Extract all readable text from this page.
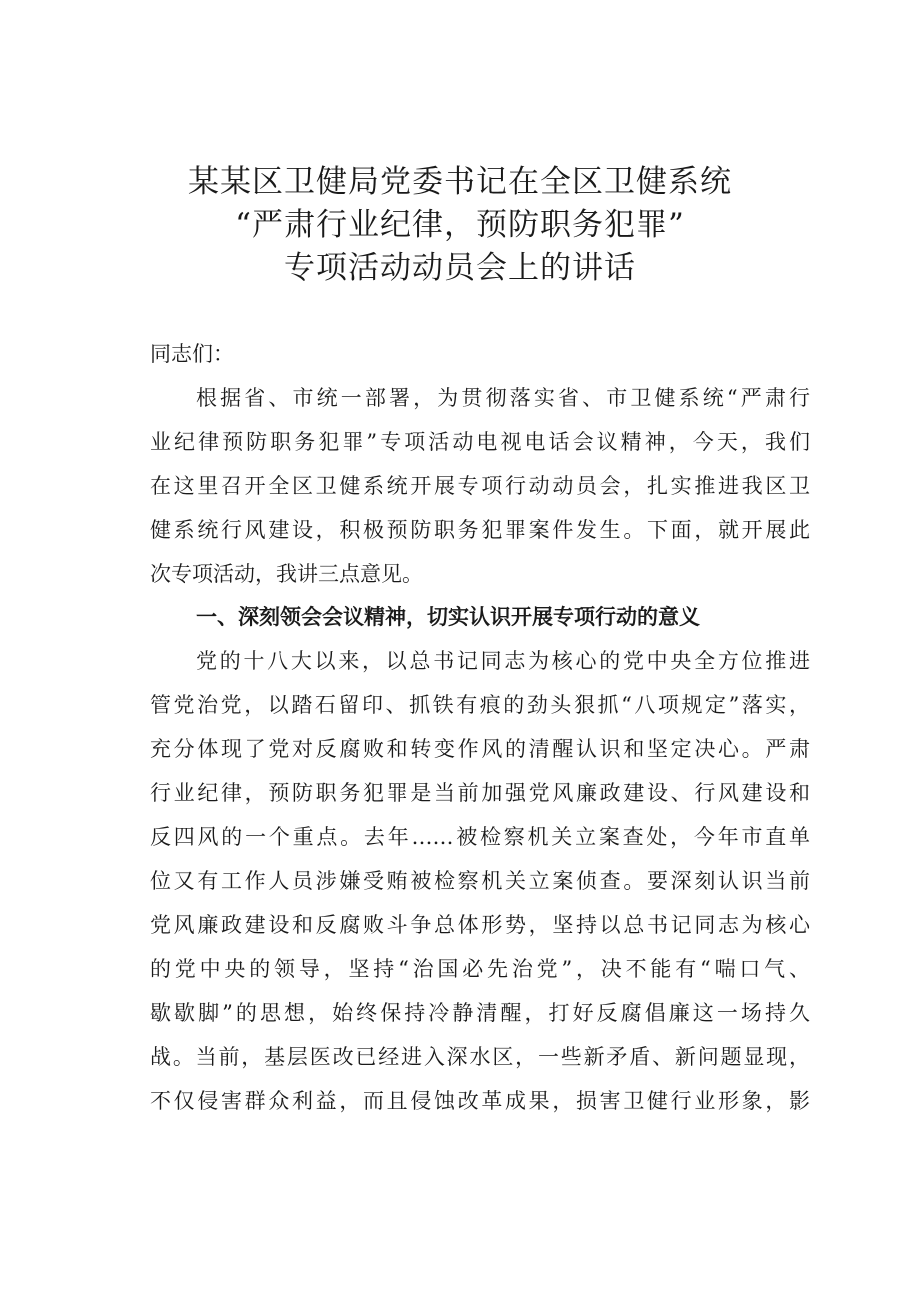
某某区卫健局党委书记在全区卫健系统
“严肃行业纪律，预防职务犯罪”
专项活动动员会上的讲话
同志们：
根据省、市统一部署，为贯彻落实省、市卫健系统“严肃行
业纪律预防职务犯罪”专项活动电视电话会议精神，今天，我们
在这里召开全区卫健系统开展专项行动动员会，扎实推进我区卫
健系统行风建设，积极预防职务犯罪案件发生。下面，就开展此
次专项活动，我讲三点意见。
一、深刻领会会议精神，切实认识开展专项行动的意义
党的十八大以来，以总书记同志为核心的党中央全方位推进
管党治党，以踏石留印、抓铁有痕的劲头狠抓“八项规定”落实，
充分体现了党对反腐败和转变作风的清醒认识和坚定决心。严肃
行业纪律，预防职务犯罪是当前加强党风廉政建设、行风建设和
反四风的一个重点。去年……被检察机关立案查处，今年市直单
位又有工作人员涉嫌受贿被检察机关立案侦查。要深刻认识当前
党风廉政建设和反腐败斗争总体形势，坚持以总书记同志为核心
的党中央的领导，坚持“治国必先治党”，决不能有“喘口气、
歇歇脚”的思想，始终保持冷静清醒，打好反腐倡廉这一场持久
战。当前，基层医改已经进入深水区，一些新矛盾、新问题显现，
不仅侵害群众利益，而且侵蚀改革成果，损害卫健行业形象，影
